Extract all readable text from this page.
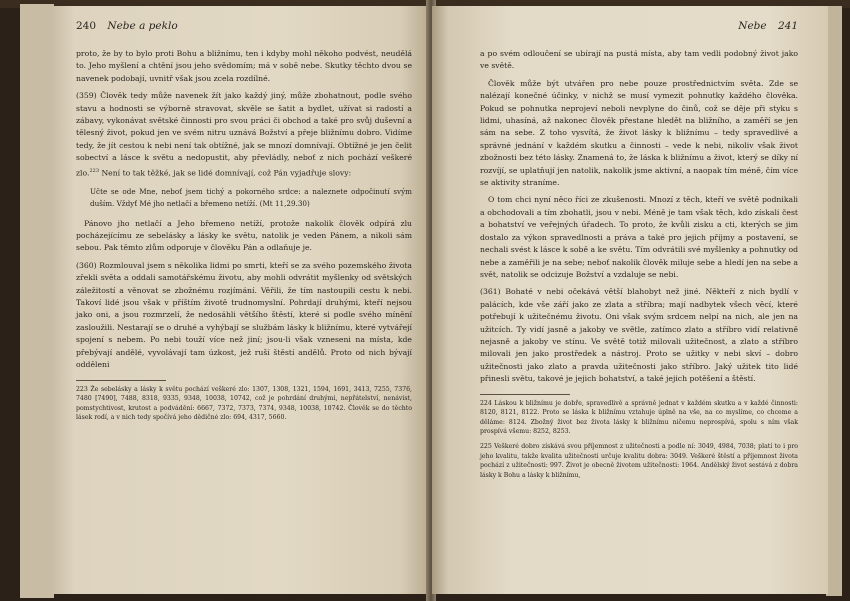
240 Nebe a peklo

proto, že by to bylo proti Bohu a bližnímu, ten i kdyby mohl někoho podvést, neudělá to. Jeho myšlení a chtění jsou jeho svědomím; má v sobě nebe. Skutky těchto dvou se navenek podobají, uvnitř však jsou zcela rozdílné.

(359) Člověk tedy může navenek žít jako každý jiný, může zbohatnout, podle svého stavu a hodnosti se výborně stravovat, skvěle se šatit a bydlet, užívat si radostí a zábavy, vykonávat světské činnosti pro svou práci či obchod a také pro svůj duševní a tělesný život, pokud jen ve svém nitru uznává Božství a přeje bližnímu dobro. Vidíme tedy, že jít cestou k nebi není tak obtížné, jak se mnozí domnívají. Obtížné je jen čelit sobectví a lásce k světu a nedopustit, aby převládly, neboť z nich pochází veškeré zlo.$^{223}$ Není to tak těžké, jak se lidé domnívají, což Pán vyjadřuje slovy:

Učte se ode Mne, neboť jsem tichý a pokorného srdce: a naleznete odpočinutí svým duším. Vždyť Mé jho netlačí a břemeno netíží. (Mt 11,29.30)

Pánovo jho netlačí a Jeho břemeno netíží, protože nakolik člověk odpírá zlu pocházejícímu ze sebelásky a lásky ke světu, natolik je veden Pánem, a nikoli sám sebou. Pak těmto zlům odporuje v člověku Pán a odlaňuje je.

(360) Rozmlouval jsem s několika lidmi po smrti, kteří se za svého pozemského života zřekli světa a oddali samotářskému životu, aby mohli odvrátit myšlenky od světských záležitostí a věnovat se zbožnému rozjímání. Věřili, že tím nastoupili cestu k nebi. Takoví lidé jsou však v příštím životě trudnomyslní. Pohrdají druhými, kteří nejsou jako oni, a jsou rozmrzelí, že nedosáhli většího štěstí, které si podle svého mínění zasloužili. Nestarají se o druhé a vyhýbají se službám lásky k bližnímu, které vytvářejí spojení s nebem. Po nebi touží více než jiní; jsou-li však vzneseni na místa, kde přebývají andělé, vyvolávají tam úzkost, jež ruší štěstí andělů. Proto od nich bývají odděleni

223 Že sebelásky a lásky k světu pochází veškeré zlo: 1307, 1308, 1321, 1594, 1691, 3413, 7255, 7376, 7480 [7490], 7488, 8318, 9335, 9348, 10038, 10742, což je pohrdání druhými, nepřátelství, nenávist, pomstychtivost, krutost a podvádění: 6667, 7372, 7373, 7374, 9348, 10038, 10742. Člověk se do těchto lásek rodí, a v nich tedy spočívá jeho dědičné zlo: 694, 4317, 5660.

Nebe 241

a po svém odloučení se ubírají na pustá místa, aby tam vedli podobný život jako ve světě.

Člověk může být utvářen pro nebe pouze prostřednictvím světa. Zde se nalézají konečné účinky, v nichž se musí vymezit pohnutky každého člověka. Pokud se pohnutka neprojeví neboli nevplyne do činů, což se děje při styku s lidmi, uhasíná, až nakonec člověk přestane hledět na bližního, a zaměří se jen sám na sebe. Z toho vysvítá, že život lásky k bližnímu – tedy spravedlivé a správné jednání v každém skutku a činnosti – vede k nebi, nikoliv však život zbožnosti bez této lásky. Znamená to, že láska k bližnímu a život, který se díky ní rozvíjí, se uplatňují jen natolik, nakolik jsme aktivní, a naopak tím méně, čím více se aktivity straníme.

O tom chci nyní něco říci ze zkušenosti. Mnozí z těch, kteří ve světě podnikali a obchodovali a tím zbohatli, jsou v nebi. Méně je tam však těch, kdo získali čest a bohatství ve veřejných úřadech. To proto, že kvůli zisku a cti, kterých se jim dostalo za výkon spravedlnosti a práva a také pro jejich příjmy a postavení, se nechali svést k lásce k sobě a ke světu. Tím odvrátili své myšlenky a pohnutky od nebe a zaměřili je na sebe; neboť nakolik člověk miluje sebe a hledí jen na sebe a svět, natolik se odcizuje Božství a vzdaluje se nebi.

(361) Bohaté v nebi očekává větší blahobyt než jiné. Někteří z nich bydlí v palácích, kde vše září jako ze zlata a stříbra; mají nadbytek všech věcí, které potřebují k užitečnému životu. Oni však svým srdcem nelpí na nich, ale jen na užitcích. Ty vidí jasně a jakoby ve světle, zatímco zlato a stříbro vidí relativně nejasně a jakoby ve stínu. Ve světě totiž milovali užitečnost, a zlato a stříbro milovali jen jako prostředek a nástroj. Proto se užitky v nebi skví – dobro užitečnosti jako zlato a pravda užitečnosti jako stříbro. Jaký užitek tito lidé přinesli světu, takové je jejich bohatství, a také jejich potěšení a štěstí.

224 Láskou k bližnímu je dobře, spravedlivě a správně jednat v každém skutku a v každé činnosti: 8120, 8121, 8122. Proto se láska k bližnímu vztahuje úplně na vše, na co myslíme, co chceme a děláme: 8124. Zbožný život bez života lásky k bližnímu ničemu neprospívá, spolu s ním však prospívá všemu: 8252, 8253.

225 Veškeré dobro získává svou příjemnost z užitečnosti a podle ní: 3049, 4984, 7038; platí to i pro jeho kvalitu, takže kvalita užitečnosti určuje kvalitu dobra: 3049. Veškeré štěstí a příjemnost života pochází z užitečnosti: 997. Život je obecně životem užitečnosti: 1964. Andělský život sestává z dobra lásky k Bohu a lásky k bližnímu,
